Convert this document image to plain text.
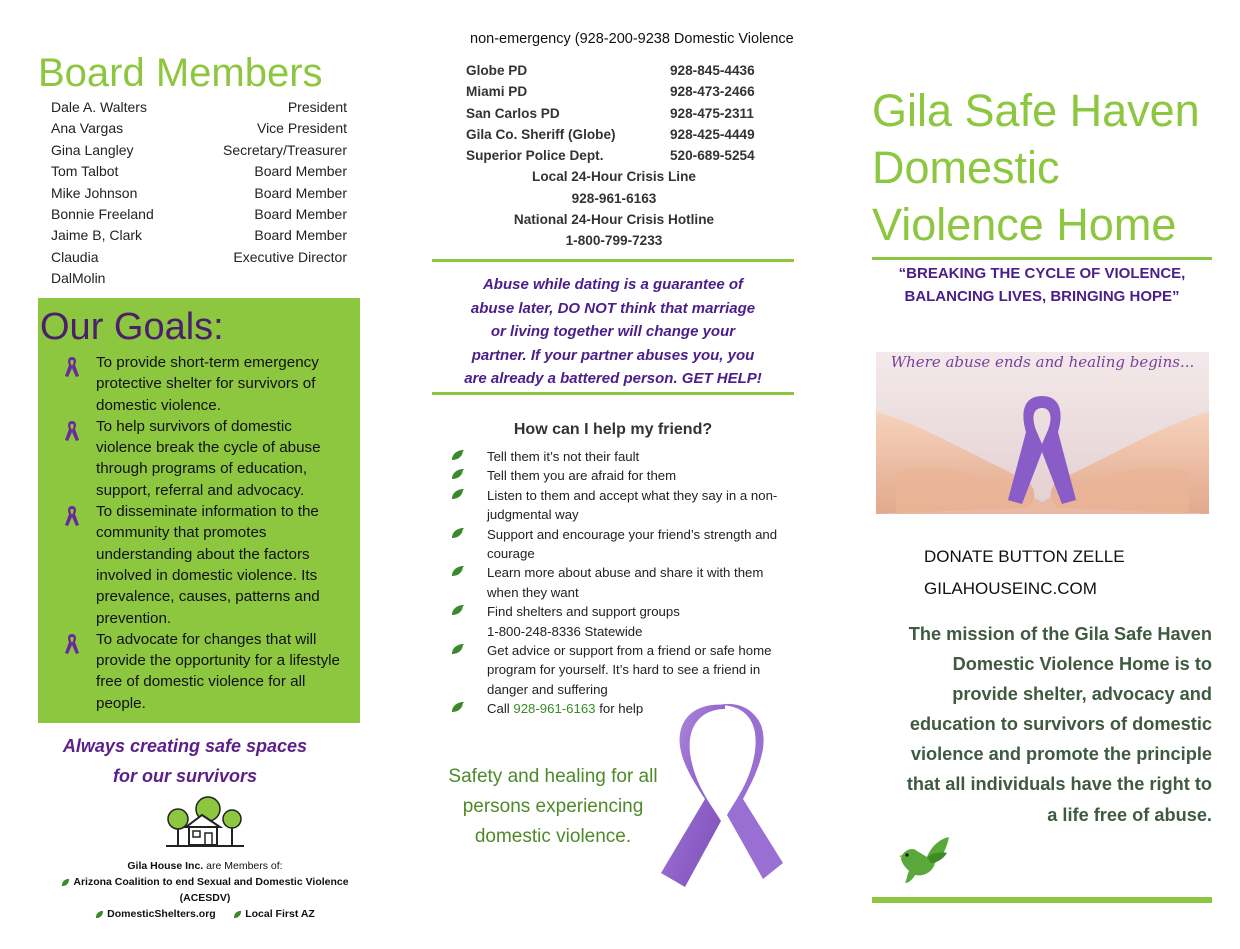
Board Members
Dale A. Walters	President
Ana Vargas	Vice President
Gina Langley	Secretary/Treasurer
Tom Talbot	Board Member
Mike Johnson	Board Member
Bonnie Freeland	Board Member
Jaime B, Clark	Board Member
Claudia	Executive Director
DalMolin
Our Goals:
To provide short-term emergency protective shelter for survivors of domestic violence.
To help survivors of domestic violence break the cycle of abuse through programs of education, support, referral and advocacy.
To disseminate information to the community that promotes understanding about the factors involved in domestic violence. Its prevalence, causes, patterns and prevention.
To advocate for changes that will provide the opportunity for a lifestyle free of domestic violence for all people.
Always creating safe spaces
for our survivors
Gila House Inc. are Members of:
Arizona Coalition to end Sexual and Domestic Violence (ACESDV)
DomesticShelters.org	Local First AZ
non-emergency (928-200-9238 Domestic Violence
Globe PD	928-845-4436
Miami PD	928-473-2466
San Carlos PD	928-475-2311
Gila Co. Sheriff (Globe)	928-425-4449
Superior Police Dept.	520-689-5254
Local 24-Hour Crisis Line
928-961-6163
National 24-Hour Crisis Hotline
1-800-799-7233
Abuse while dating is a guarantee of
abuse later, DO NOT think that marriage
or living together will change your
partner. If your partner abuses you, you
are already a battered person. GET HELP!
How can I help my friend?
Tell them it’s not their fault
Tell them you are afraid for them
Listen to them and accept what they say in a non-judgmental way
Support and encourage your friend’s strength and courage
Learn more about abuse and share it with them when they want
Find shelters and support groups
1-800-248-8336 Statewide
Get advice or support from a friend or safe home program for yourself. It’s hard to see a friend in danger and suffering
Call 928-961-6163 for help
Safety and healing for all
persons experiencing
domestic violence.
Gila Safe Haven
Domestic
Violence Home
“BREAKING THE CYCLE OF VIOLENCE,
BALANCING LIVES, BRINGING HOPE”
Where abuse ends and healing begins...
DONATE BUTTON ZELLE
GILAHOUSEINC.COM
The mission of the Gila Safe Haven
Domestic Violence Home is to
provide shelter, advocacy and
education to survivors of domestic
violence and promote the principle
that all individuals have the right to
a life free of abuse.
